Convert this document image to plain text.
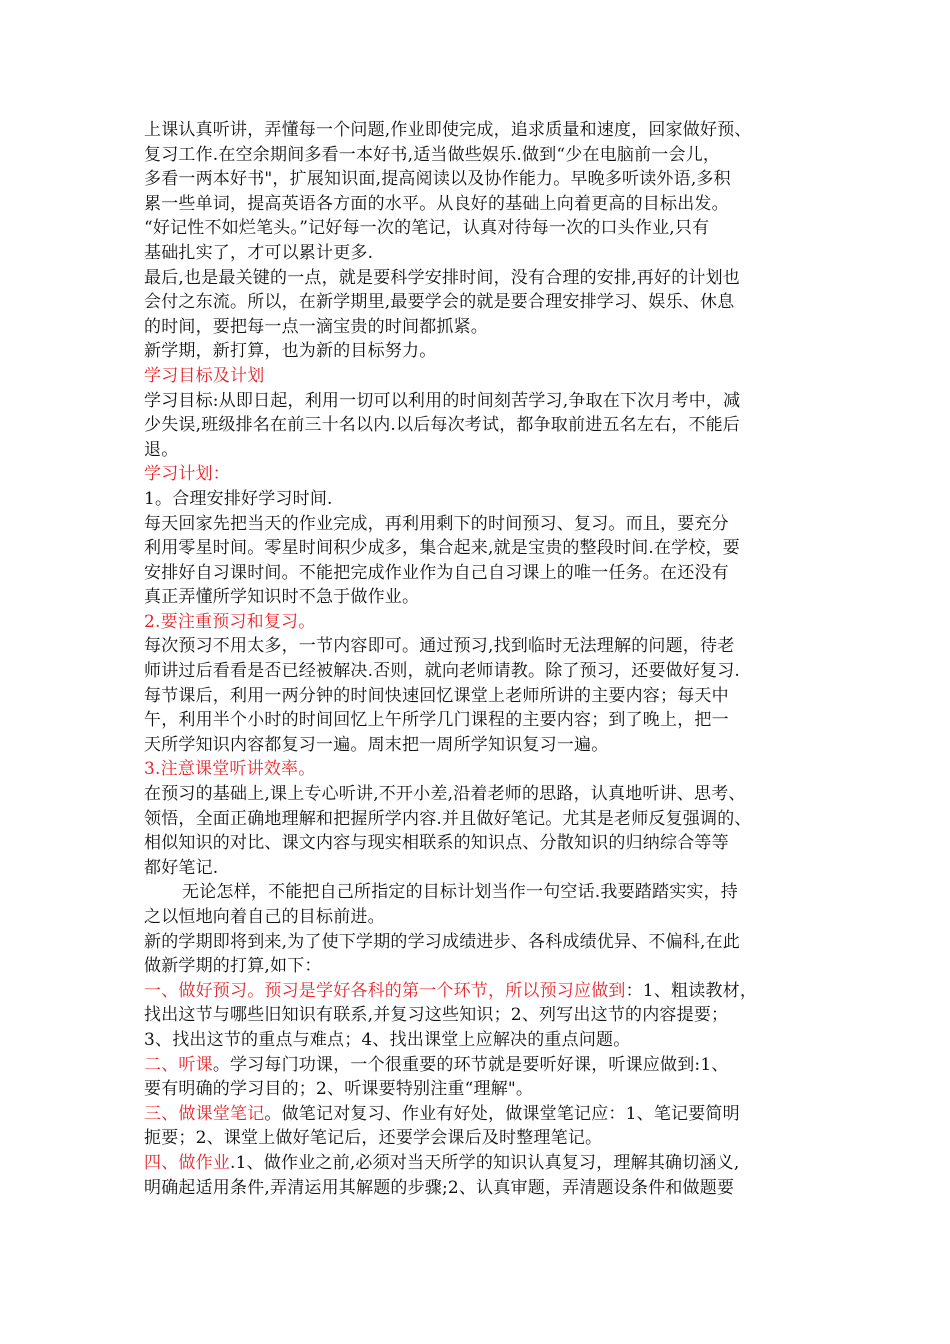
上课认真听讲，弄懂每一个问题,作业即使完成，追求质量和速度，回家做好预、
复习工作.在空余期间多看一本好书,适当做些娱乐.做到“少在电脑前一会儿，
多看一两本好书"，扩展知识面,提高阅读以及协作能力。早晚多听读外语,多积
累一些单词，提高英语各方面的水平。从良好的基础上向着更高的目标出发。
“好记性不如烂笔头。”记好每一次的笔记，认真对待每一次的口头作业,只有
基础扎实了，才可以累计更多.
最后,也是最关键的一点，就是要科学安排时间，没有合理的安排,再好的计划也
会付之东流。所以，在新学期里,最要学会的就是要合理安排学习、娱乐、休息
的时间，要把每一点一滴宝贵的时间都抓紧。
新学期，新打算，也为新的目标努力。
学习目标及计划
学习目标:从即日起，利用一切可以利用的时间刻苦学习,争取在下次月考中，减
少失误,班级排名在前三十名以内.以后每次考试，都争取前进五名左右，不能后
退。
学习计划：
1。合理安排好学习时间.
每天回家先把当天的作业完成，再利用剩下的时间预习、复习。而且，要充分
利用零星时间。零星时间积少成多，集合起来,就是宝贵的整段时间.在学校，要
安排好自习课时间。不能把完成作业作为自己自习课上的唯一任务。在还没有
真正弄懂所学知识时不急于做作业。
2.要注重预习和复习。
每次预习不用太多，一节内容即可。通过预习,找到临时无法理解的问题，待老
师讲过后看看是否已经被解决.否则，就向老师请教。除了预习，还要做好复习.
每节课后，利用一两分钟的时间快速回忆课堂上老师所讲的主要内容；每天中
午，利用半个小时的时间回忆上午所学几门课程的主要内容；到了晚上，把一
天所学知识内容都复习一遍。周末把一周所学知识复习一遍。
3.注意课堂听讲效率。
在预习的基础上,课上专心听讲,不开小差,沿着老师的思路，认真地听讲、思考、
领悟，全面正确地理解和把握所学内容.并且做好笔记。尤其是老师反复强调的、
相似知识的对比、课文内容与现实相联系的知识点、分散知识的归纳综合等等
都好笔记.
无论怎样，不能把自己所指定的目标计划当作一句空话.我要踏踏实实，持
之以恒地向着自己的目标前进。
新的学期即将到来,为了使下学期的学习成绩进步、各科成绩优异、不偏科,在此
做新学期的打算,如下：
一、做好预习。预习是学好各科的第一个环节，所以预习应做到：1、粗读教材，
找出这节与哪些旧知识有联系,并复习这些知识；2、列写出这节的内容提要；
3、找出这节的重点与难点；4、找出课堂上应解决的重点问题。
二、听课。学习每门功课，一个很重要的环节就是要听好课，听课应做到:1、
要有明确的学习目的；2、听课要特别注重“理解"。
三、做课堂笔记。做笔记对复习、作业有好处，做课堂笔记应：1、笔记要简明
扼要；2、课堂上做好笔记后，还要学会课后及时整理笔记。
四、做作业.1、做作业之前,必须对当天所学的知识认真复习，理解其确切涵义,
明确起适用条件,弄清运用其解题的步骤;2、认真审题，弄清题设条件和做题要
